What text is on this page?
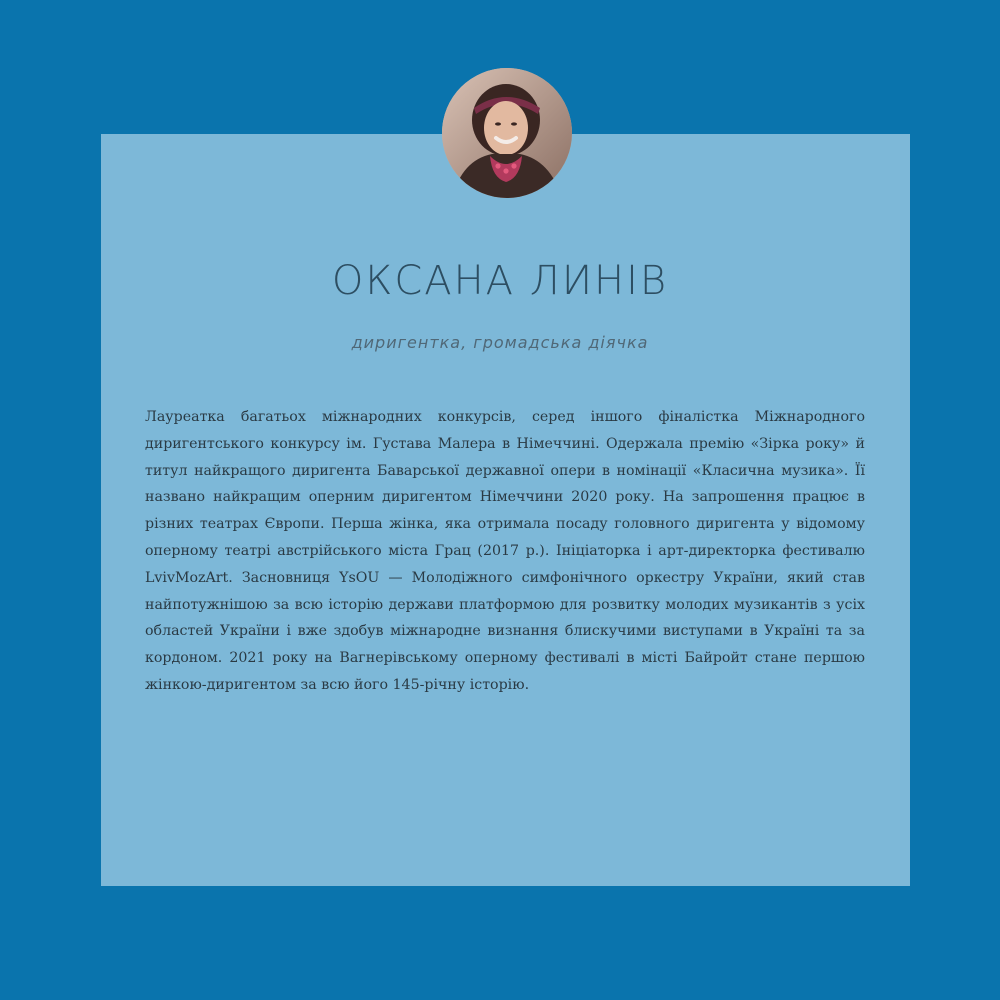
ОКСАНА ЛИНІВ

диригентка, громадська діячка

Лауреатка багатьох міжнародних конкурсів, серед іншого фіналістка Міжнародного диригентського конкурсу ім. Густава Малера в Німеччині. Одержала премію «Зірка року» й титул найкращого диригента Баварської державної опери в номінації «Класична музика». Її названо найкращим оперним диригентом Німеччини 2020 року. На запрошення працює в різних театрах Європи. Перша жінка, яка отримала посаду головного диригента у відомому оперному театрі австрійського міста Грац (2017 р.). Ініціаторка і арт-директорка фестивалю LvivMozArt. Засновниця YsOU — Молодіжного симфонічного оркестру України, який став найпотужнішою за всю історію держави платформою для розвитку молодих музикантів з усіх областей України і вже здобув міжнародне визнання блискучими виступами в Україні та за кордоном. 2021 року на Вагнерівському оперному фестивалі в місті Байройт стане першою жінкою-диригентом за всю його 145-річну історію.
